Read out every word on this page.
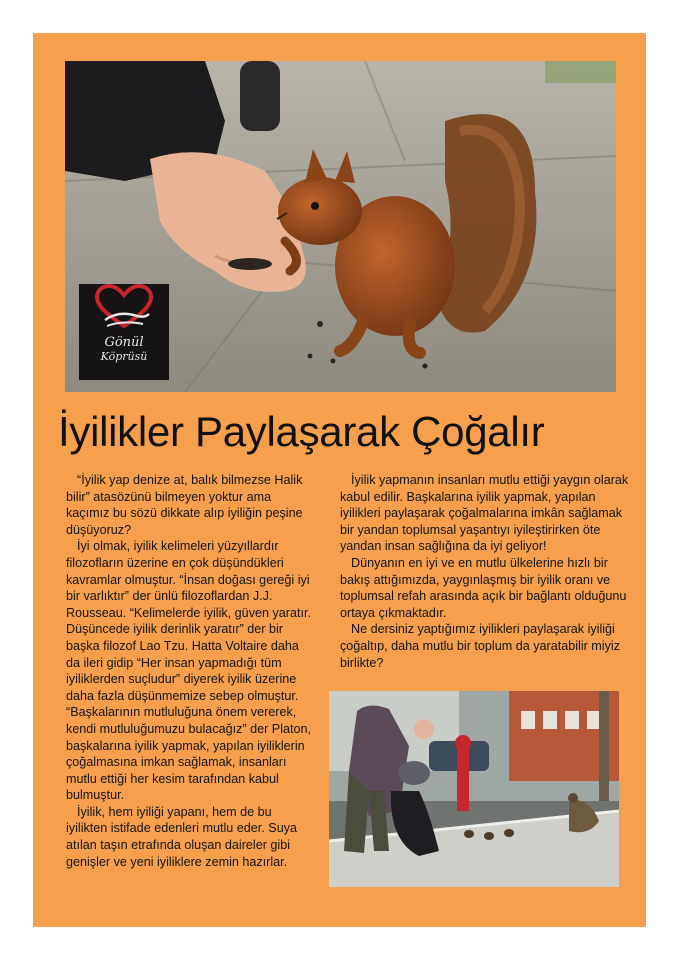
Gönül
Köprüsü
İyilikler Paylaşarak Çoğalır

“İyilik yap denize at, balık bilmezse Halik bilir” atasözünü bilmeyen yoktur ama kaçımız bu sözü dikkate alıp iyiliğin peşine düşüyoruz?

İyi olmak, iyilik kelimeleri yüzyıllardır filozofların üzerine en çok düşündükleri kavramlar olmuştur. “İnsan doğası gereği iyi bir varlıktır” der ünlü filozoflardan J.J. Rousseau. “Kelimelerde iyilik, güven yaratır. Düşüncede iyilik derinlik yaratır” der bir başka filozof Lao Tzu. Hatta Voltaire daha da ileri gidip “Her insan yapmadığı tüm iyiliklerden suçludur” diyerek iyilik üzerine daha fazla düşünmemize sebep olmuştur. “Başkalarının mutluluğuna önem vererek, kendi mutluluğumuzu bulacağız” der Platon, başkalarına iyilik yapmak, yapılan iyiliklerin çoğalmasına imkan sağlamak, insanları mutlu ettiği her kesim tarafından kabul bulmuştur.

İyilik, hem iyiliği yapanı, hem de bu iyilikten istifade edenleri mutlu eder. Suya atılan taşın etrafında oluşan daireler gibi genişler ve yeni iyiliklere zemin hazırlar.

İyilik yapmanın insanları mutlu ettiği yaygın olarak kabul edilir. Başkalarına iyilik yapmak, yapılan iyilikleri paylaşarak çoğalmalarına imkân sağlamak bir yandan toplumsal yaşantıyı iyileştirirken öte yandan insan sağlığına da iyi geliyor!

Dünyanın en iyi ve en mutlu ülkelerine hızlı bir bakış attığımızda, yaygınlaşmış bir iyilik oranı ve toplumsal refah arasında açık bir bağlantı olduğunu ortaya çıkmaktadır.

Ne dersiniz yaptığımız iyilikleri paylaşarak iyiliği çoğaltıp, daha mutlu bir toplum da yaratabilir miyiz birlikte?
